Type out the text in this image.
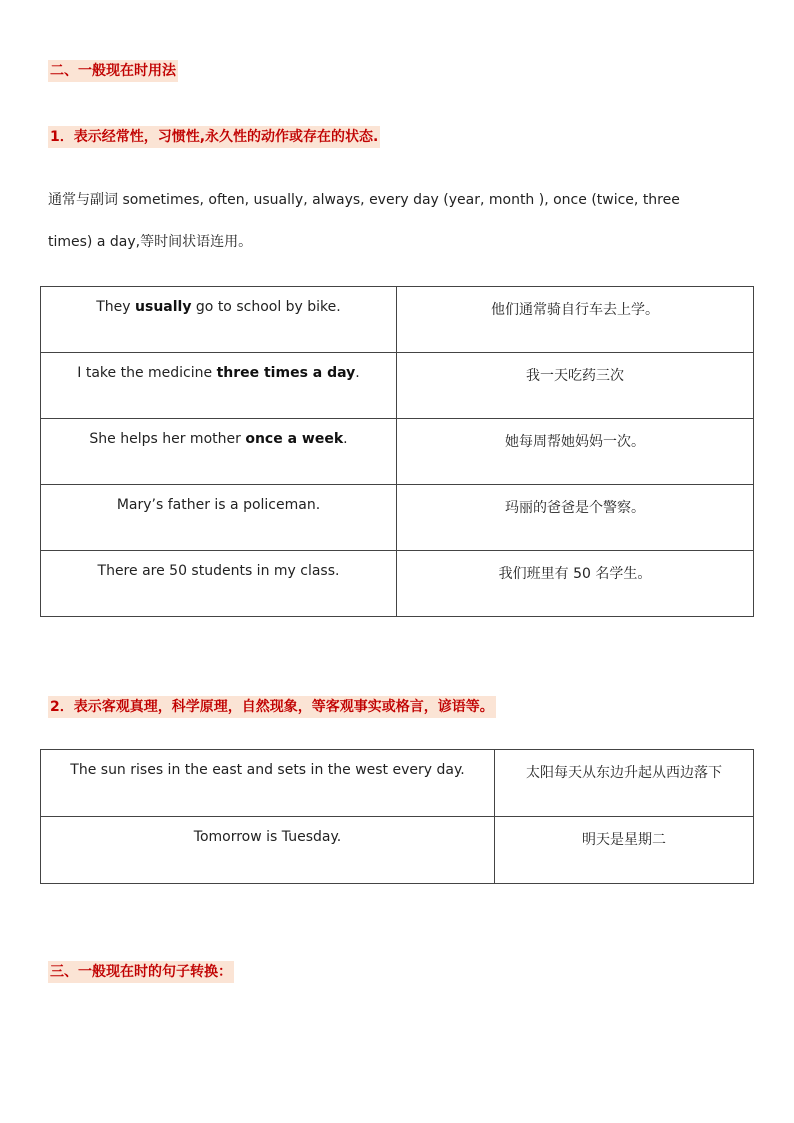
二、一般现在时用法
1．表示经常性，习惯性,永久性的动作或存在的状态.
通常与副词 sometimes, often, usually, always, every day (year, month ), once (twice, three
times) a day,等时间状语连用。
They usually go to school by bike.	他们通常骑自行车去上学。
I take the medicine three times a day.	我一天吃药三次
She helps her mother once a week.	她每周帮她妈妈一次。
Mary’s father is a policeman.	玛丽的爸爸是个警察。
There are 50 students in my class.	我们班里有 50 名学生。
2．表示客观真理，科学原理，自然现象，等客观事实或格言，谚语等。
The sun rises in the east and sets in the west every day.	太阳每天从东边升起从西边落下
Tomorrow is Tuesday.	明天是星期二
三、一般现在时的句子转换：
